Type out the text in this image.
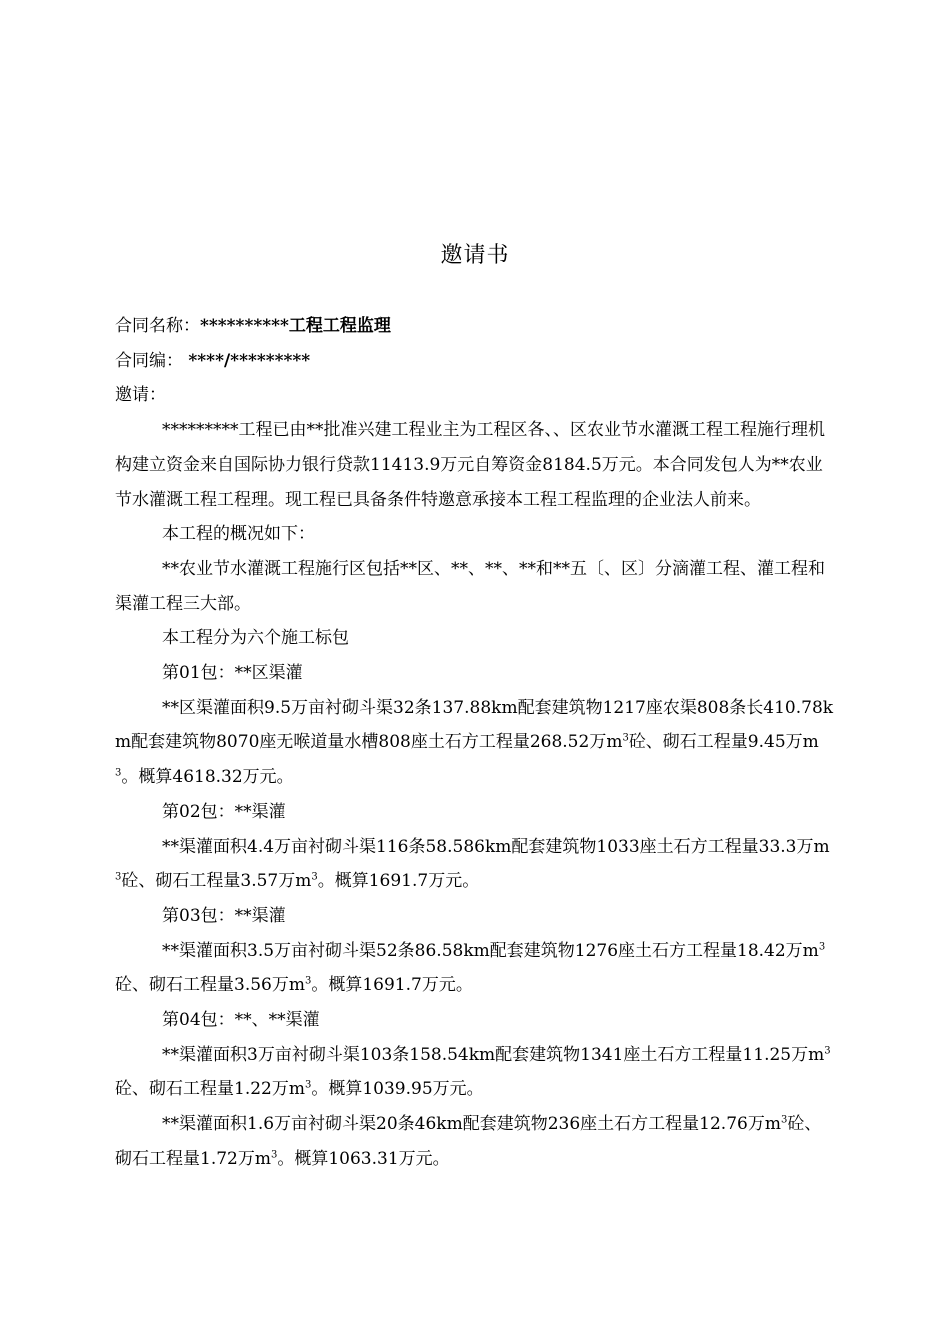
邀请书
合同名称：**********工程工程监理
合同编： ****/*********
邀请：
*********工程已由**批准兴建工程业主为工程区各、、区农业节水灌溉工程工程施行理机构建立资金来自国际协力银行贷款11413.9万元自筹资金8184.5万元。本合同发包人为**农业节水灌溉工程工程理。现工程已具备条件特邀意承接本工程工程监理的企业法人前来。
本工程的概况如下：
**农业节水灌溉工程施行区包括**区、**、**、**和**五〔、区〕分滴灌工程、灌工程和渠灌工程三大部。
本工程分为六个施工标包
第01包：**区渠灌
**区渠灌面积9.5万亩衬砌斗渠32条137.88km配套建筑物1217座农渠808条长410.78km配套建筑物8070座无喉道量水槽808座土石方工程量268.52万$m^3$砼、砌石工程量9.45万$m^3$。概算4618.32万元。
第02包：**渠灌
**渠灌面积4.4万亩衬砌斗渠116条58.586km配套建筑物1033座土石方工程量33.3万$m^3$砼、砌石工程量3.57万$m^3$。概算1691.7万元。
第03包：**渠灌
**渠灌面积3.5万亩衬砌斗渠52条86.58km配套建筑物1276座土石方工程量18.42万$m^3$砼、砌石工程量3.56万$m^3$。概算1691.7万元。
第04包：**、**渠灌
**渠灌面积3万亩衬砌斗渠103条158.54km配套建筑物1341座土石方工程量11.25万$m^3$砼、砌石工程量1.22万$m^3$。概算1039.95万元。
**渠灌面积1.6万亩衬砌斗渠20条46km配套建筑物236座土石方工程量12.76万$m^3$砼、砌石工程量1.72万$m^3$。概算1063.31万元。
